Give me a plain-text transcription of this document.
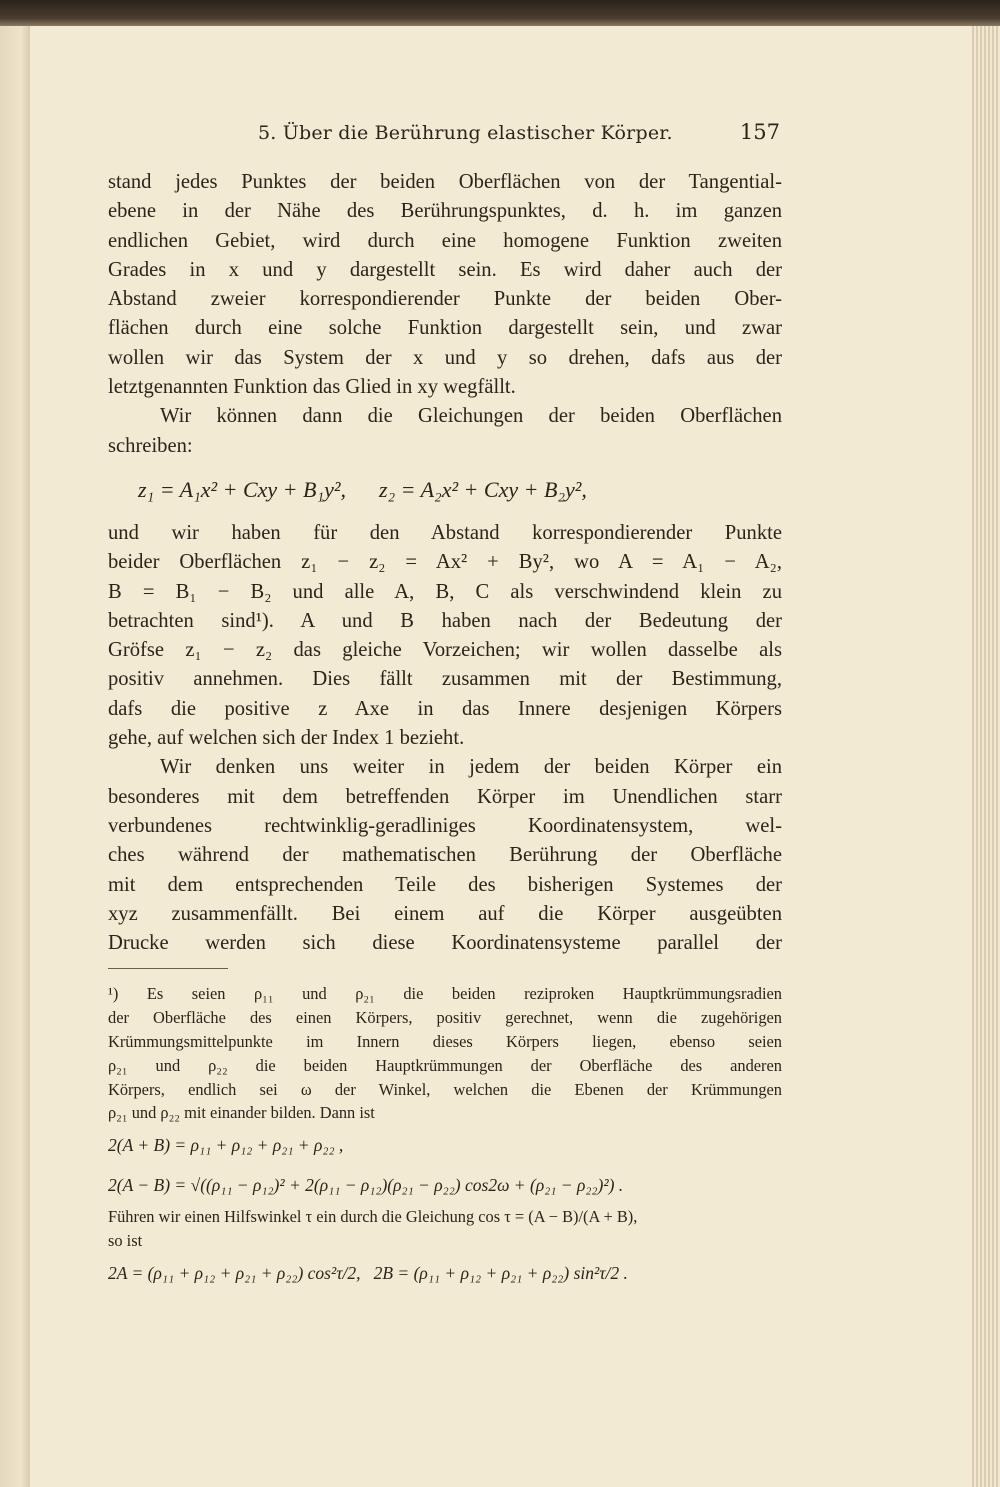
5. Über die Berührung elastischer Körper.	157
stand jedes Punktes der beiden Oberflächen von der Tangential-
ebene in der Nähe des Berührungspunktes, d. h. im ganzen
endlichen Gebiet, wird durch eine homogene Funktion zweiten
Grades in x und y dargestellt sein. Es wird daher auch der
Abstand zweier korrespondierender Punkte der beiden Ober-
flächen durch eine solche Funktion dargestellt sein, und zwar
wollen wir das System der x und y so drehen, dafs aus der
letztgenannten Funktion das Glied in xy wegfällt.
Wir können dann die Gleichungen der beiden Oberflächen
schreiben:
z₁ = A₁x² + Cxy + B₁y²,      z₂ = A₂x² + Cxy + B₂y²,
und wir haben für den Abstand korrespondierender Punkte
beider Oberflächen z₁ − z₂ = Ax² + By², wo A = A₁ − A₂,
B = B₁ − B₂ und alle A, B, C als verschwindend klein zu
betrachten sind¹). A und B haben nach der Bedeutung der
Gröfse z₁ − z₂ das gleiche Vorzeichen; wir wollen dasselbe als
positiv annehmen. Dies fällt zusammen mit der Bestimmung,
dafs die positive z Axe in das Innere desjenigen Körpers
gehe, auf welchen sich der Index 1 bezieht.
Wir denken uns weiter in jedem der beiden Körper ein
besonderes mit dem betreffenden Körper im Unendlichen starr
verbundenes rechtwinklig-geradliniges Koordinatensystem, wel-
ches während der mathematischen Berührung der Oberfläche
mit dem entsprechenden Teile des bisherigen Systemes der
xyz zusammenfällt. Bei einem auf die Körper ausgeübten
Drucke werden sich diese Koordinatensysteme parallel der
¹) Es seien ρ₁₁ und ρ₂₁ die beiden reziproken Hauptkrümmungsradien
der Oberfläche des einen Körpers, positiv gerechnet, wenn die zugehörigen
Krümmungsmittelpunkte im Innern dieses Körpers liegen, ebenso seien
ρ₂₁ und ρ₂₂ die beiden Hauptkrümmungen der Oberfläche des anderen
Körpers, endlich sei ω der Winkel, welchen die Ebenen der Krümmungen
ρ₂₁ und ρ₂₂ mit einander bilden. Dann ist
2(A + B) = ρ₁₁ + ρ₁₂ + ρ₂₁ + ρ₂₂ ,
2(A − B) = √((ρ₁₁ − ρ₁₂)² + 2(ρ₁₁ − ρ₁₂)(ρ₂₁ − ρ₂₂) cos2ω + (ρ₂₁ − ρ₂₂)²) .
Führen wir einen Hilfswinkel τ ein durch die Gleichung cos τ = (A − B)/(A + B),
so ist
2A = (ρ₁₁ + ρ₁₂ + ρ₂₁ + ρ₂₂) cos²τ/2,   2B = (ρ₁₁ + ρ₁₂ + ρ₂₁ + ρ₂₂) sin²τ/2 .
